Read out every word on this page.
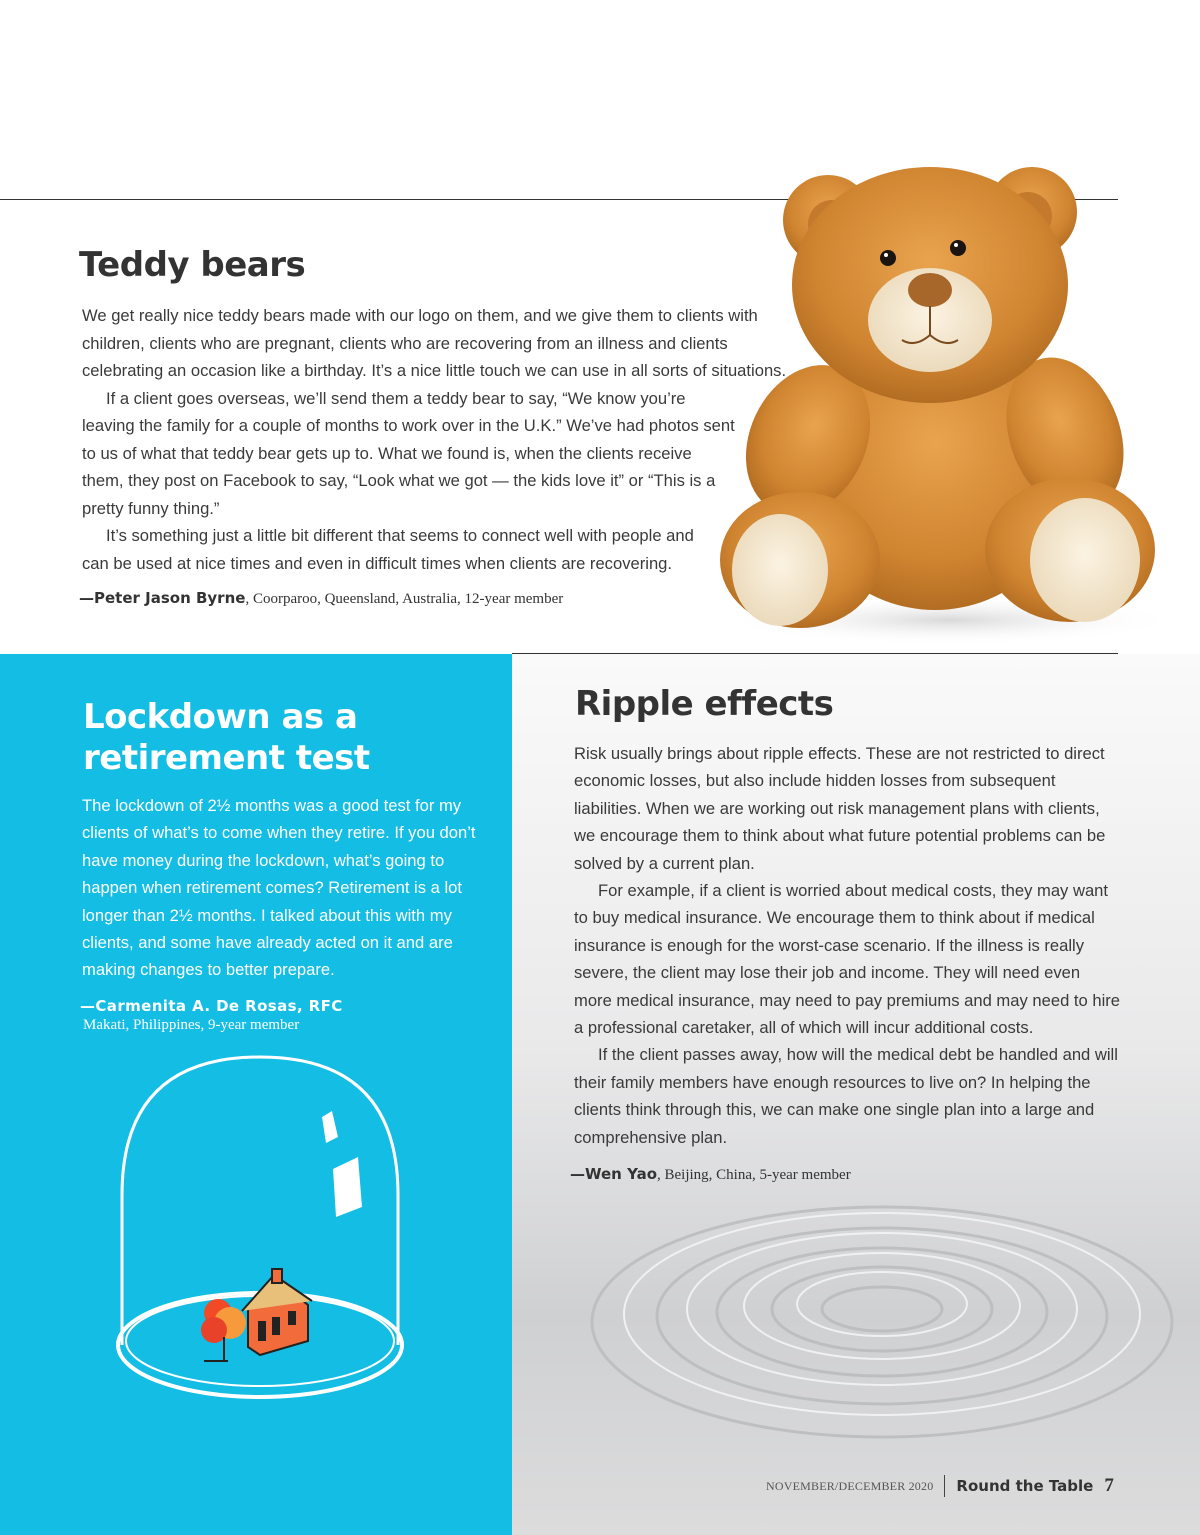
Teddy bears

We get really nice teddy bears made with our logo on them, and we give them to clients with children, clients who are pregnant, clients who are recovering from an illness and clients celebrating an occasion like a birthday. It’s a nice little touch we can use in all sorts of situations.

If a client goes overseas, we’ll send them a teddy bear to say, “We know you’re leaving the family for a couple of months to work over in the U.K.” We’ve had photos sent to us of what that teddy bear gets up to. What we found is, when the clients receive them, they post on Facebook to say, “Look what we got — the kids love it” or “This is a pretty funny thing.”

It’s something just a little bit different that seems to connect well with people and can be used at nice times and even in difficult times when clients are recovering.

—Peter Jason Byrne, Coorparoo, Queensland, Australia, 12-year member
Lockdown as a retirement test

The lockdown of 2½ months was a good test for my clients of what’s to come when they retire. If you don’t have money during the lockdown, what’s going to happen when retirement comes? Retirement is a lot longer than 2½ months. I talked about this with my clients, and some have already acted on it and are making changes to better prepare.

—Carmenita A. De Rosas, RFC
Makati, Philippines, 9-year member
Ripple effects

Risk usually brings about ripple effects. These are not restricted to direct economic losses, but also include hidden losses from subsequent liabilities. When we are working out risk management plans with clients, we encourage them to think about what future potential problems can be solved by a current plan.

For example, if a client is worried about medical costs, they may want to buy medical insurance. We encourage them to think about if medical insurance is enough for the worst-case scenario. If the illness is really severe, the client may lose their job and income. They will need even more medical insurance, may need to pay premiums and may need to hire a professional caretaker, all of which will incur additional costs.

If the client passes away, how will the medical debt be handled and will their family members have enough resources to live on? In helping the clients think through this, we can make one single plan into a large and comprehensive plan.

—Wen Yao, Beijing, China, 5-year member
NOVEMBER/DECEMBER 2020 Round the Table 7
